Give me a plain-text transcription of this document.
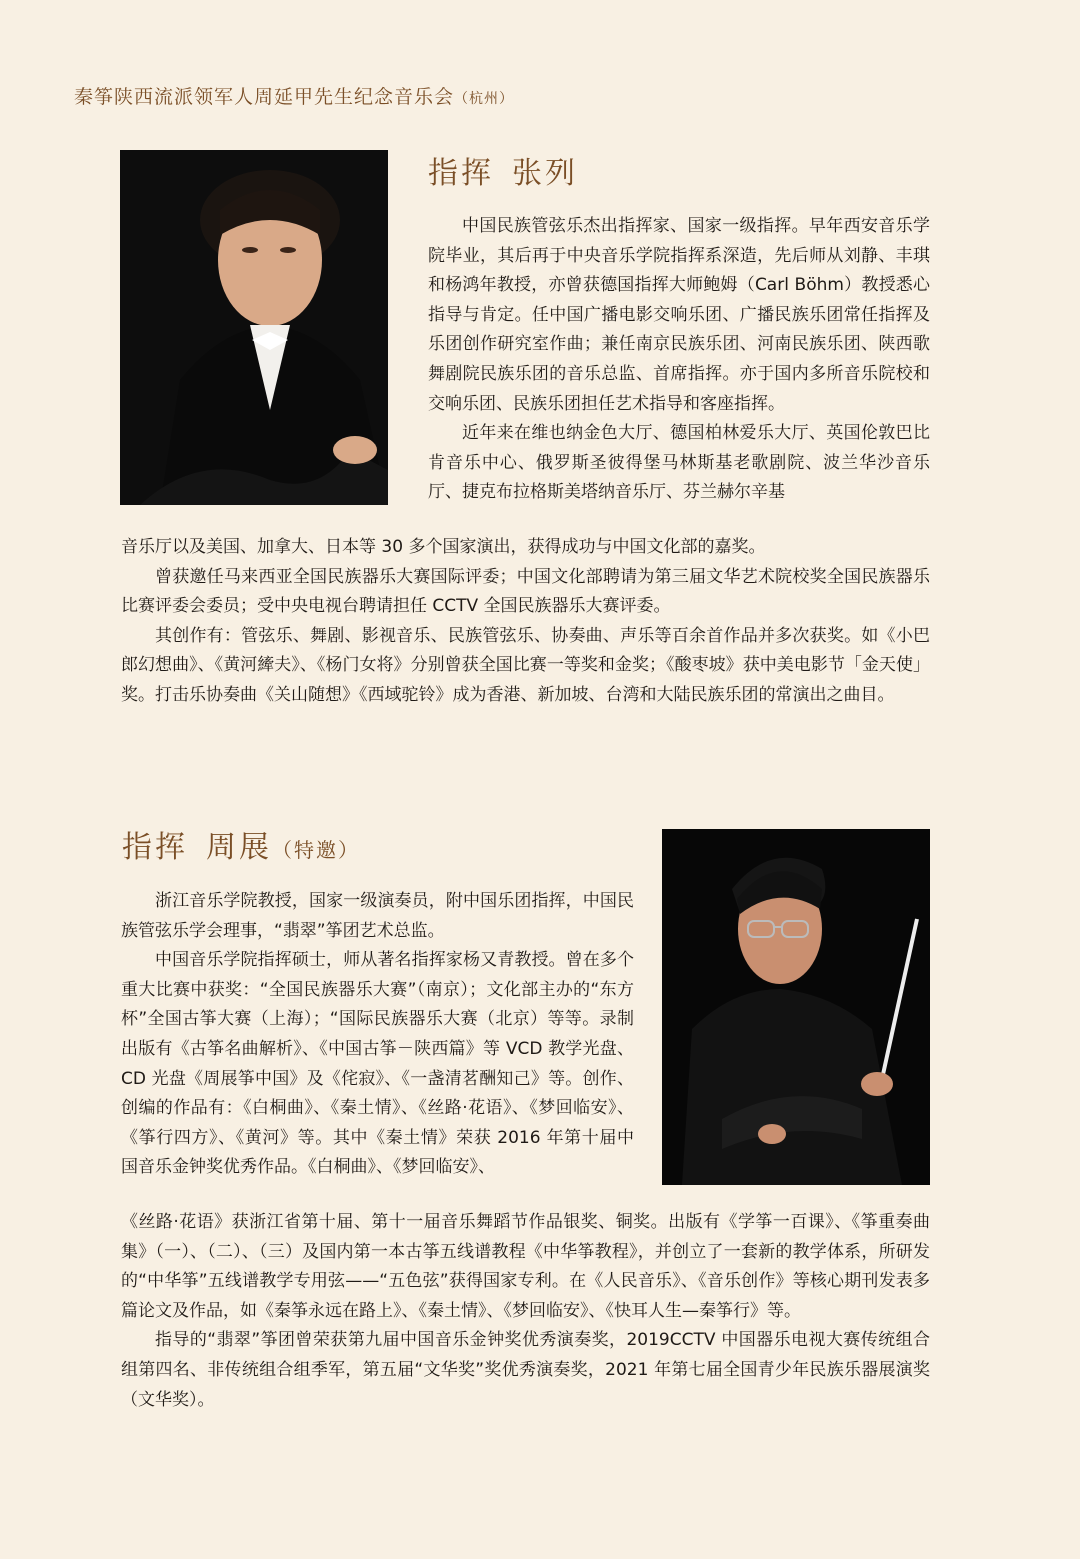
秦筝陕西流派领军人周延甲先生纪念音乐会（杭州）
指挥 张列

中国民族管弦乐杰出指挥家、国家一级指挥。早年西安音乐学院毕业，其后再于中央音乐学院指挥系深造，先后师从刘静、丰琪和杨鸿年教授，亦曾获德国指挥大师鲍姆（Carl Böhm）教授悉心指导与肯定。任中国广播电影交响乐团、广播民族乐团常任指挥及乐团创作研究室作曲；兼任南京民族乐团、河南民族乐团、陕西歌舞剧院民族乐团的音乐总监、首席指挥。亦于国内多所音乐院校和交响乐团、民族乐团担任艺术指导和客座指挥。

近年来在维也纳金色大厅、德国柏林爱乐大厅、英国伦敦巴比肯音乐中心、俄罗斯圣彼得堡马林斯基老歌剧院、波兰华沙音乐厅、捷克布拉格斯美塔纳音乐厅、芬兰赫尔辛基

音乐厅以及美国、加拿大、日本等 30 多个国家演出，获得成功与中国文化部的嘉奖。

曾获邀任马来西亚全国民族器乐大赛国际评委；中国文化部聘请为第三届文华艺术院校奖全国民族器乐比赛评委会委员；受中央电视台聘请担任 CCTV 全国民族器乐大赛评委。

其创作有：管弦乐、舞剧、影视音乐、民族管弦乐、协奏曲、声乐等百余首作品并多次获奖。如《小巴郎幻想曲》、《黄河縴夫》、《杨门女将》分别曾获全国比赛一等奖和金奖；《酸枣坡》获中美电影节「金天使」奖。打击乐协奏曲《关山随想》《西域驼铃》成为香港、新加坡、台湾和大陆民族乐团的常演出之曲目。

指挥 周展（特邀）

浙江音乐学院教授，国家一级演奏员，附中国乐团指挥，中国民族管弦乐学会理事，“翡翠”筝团艺术总监。

中国音乐学院指挥硕士，师从著名指挥家杨又青教授。曾在多个重大比赛中获奖：“全国民族器乐大赛”（南京）；文化部主办的“东方杯”全国古筝大赛（上海）；“国际民族器乐大赛（北京）等等。录制出版有《古筝名曲解析》、《中国古筝－陕西篇》等 VCD 教学光盘、CD 光盘《周展筝中国》及《侘寂》、《一盏清茗酬知己》等。创作、创编的作品有：《白桐曲》、《秦土情》、《丝路·花语》、《梦回临安》、《筝行四方》、《黄河》等。其中《秦土情》荣获 2016 年第十届中国音乐金钟奖优秀作品。《白桐曲》、《梦回临安》、

《丝路·花语》获浙江省第十届、第十一届音乐舞蹈节作品银奖、铜奖。出版有《学筝一百课》、《筝重奏曲集》（一）、（二）、（三）及国内第一本古筝五线谱教程《中华筝教程》，并创立了一套新的教学体系，所研发的“中华筝”五线谱教学专用弦——“五色弦”获得国家专利。在《人民音乐》、《音乐创作》等核心期刊发表多篇论文及作品，如《秦筝永远在路上》、《秦土情》、《梦回临安》、《快耳人生—秦筝行》等。

指导的“翡翠”筝团曾荣获第九届中国音乐金钟奖优秀演奏奖，2019CCTV 中国器乐电视大赛传统组合组第四名、非传统组合组季军，第五届“文华奖”奖优秀演奏奖，2021 年第七届全国青少年民族乐器展演奖（文华奖）。
